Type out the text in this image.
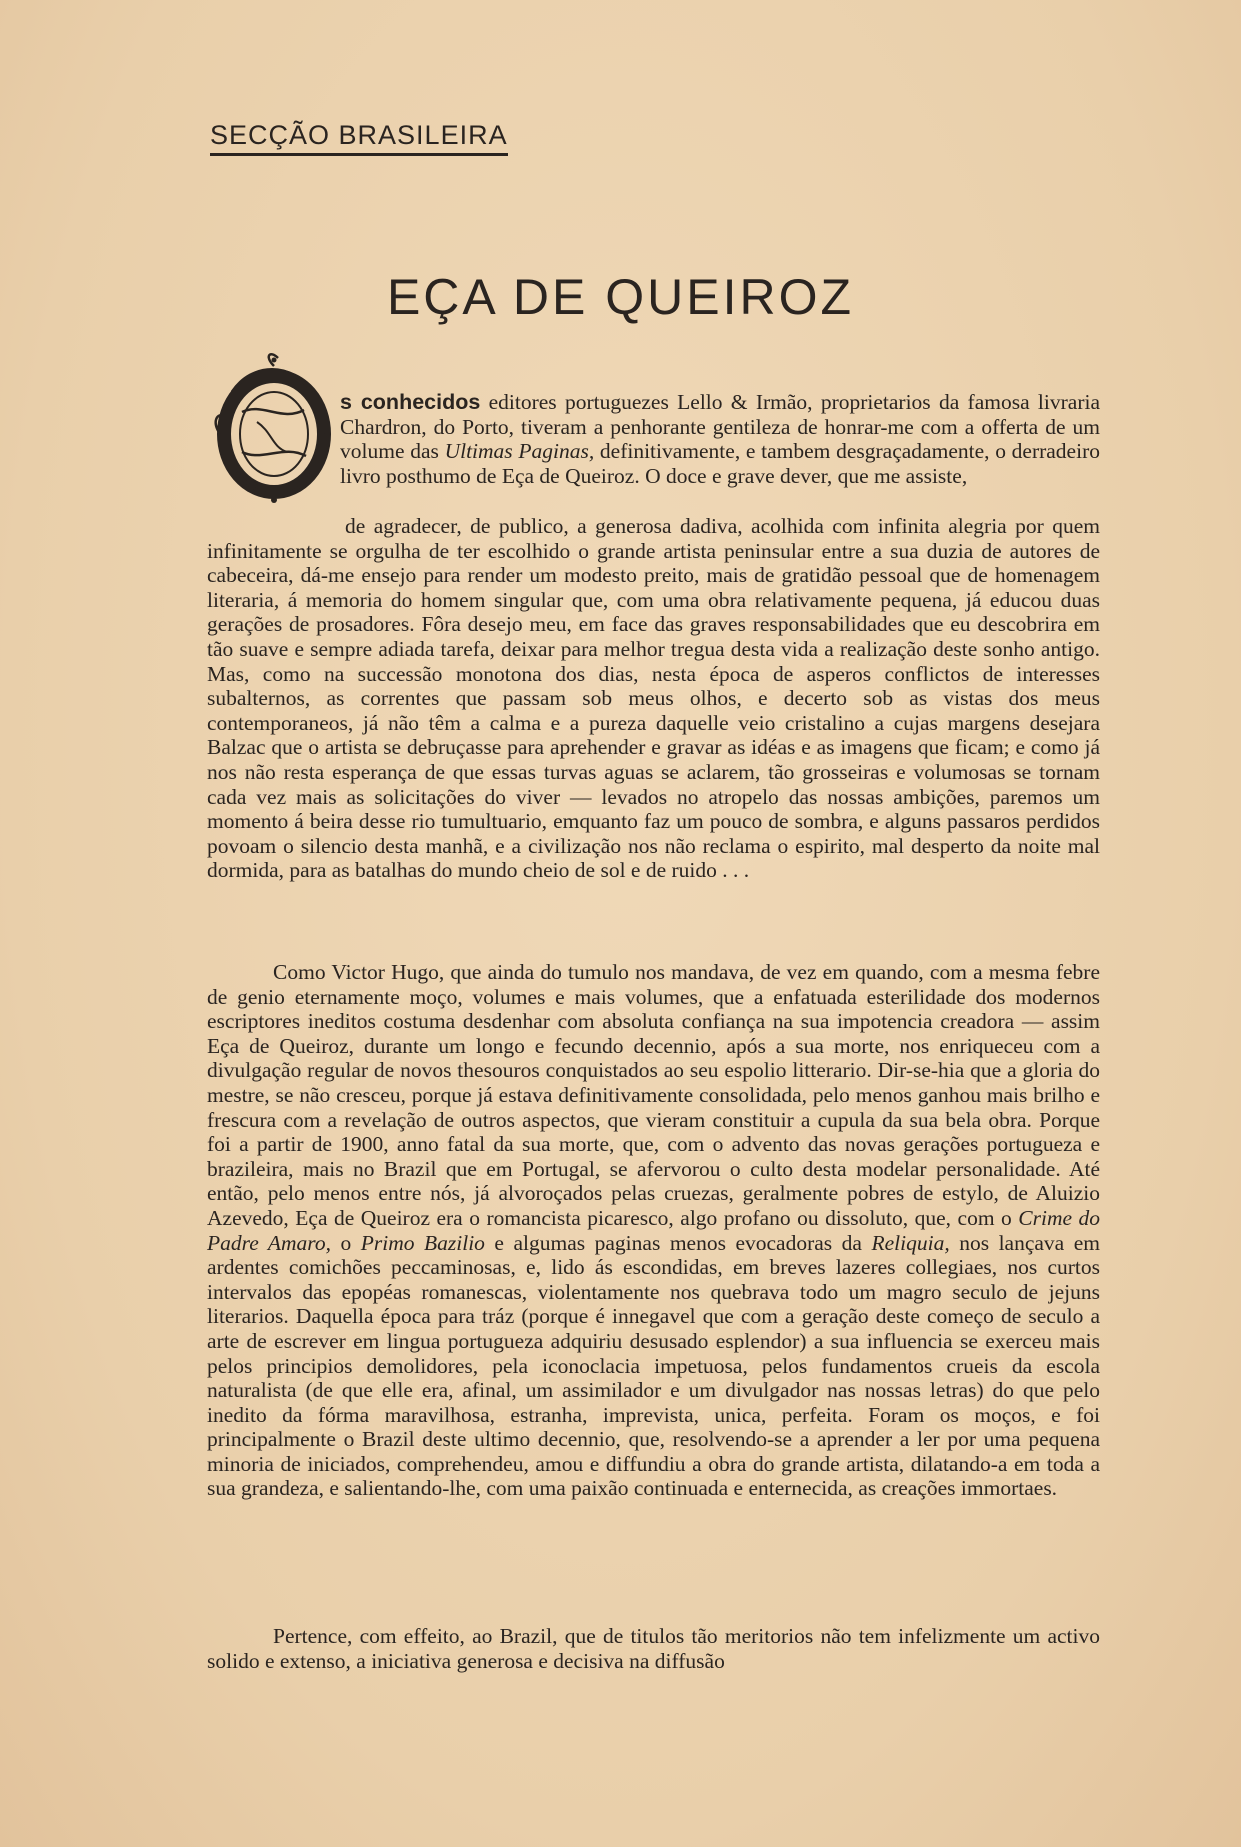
SECÇÃO BRASILEIRA
EÇA DE QUEIROZ

s conhecidos editores portuguezes Lello & Irmão, proprietarios da famosa livraria Chardron, do Porto, tiveram a penhorante gentileza de honrar-me com a offerta de um volume das Ultimas Paginas, definitivamente, e tambem desgraçadamente, o derradeiro livro posthumo de Eça de Queiroz. O doce e grave dever, que me assiste,

de agradecer, de publico, a generosa dadiva, acolhida com infinita alegria por quem infinitamente se orgulha de ter escolhido o grande artista peninsular entre a sua duzia de autores de cabeceira, dá-me ensejo para render um modesto preito, mais de gratidão pessoal que de homenagem literaria, á memoria do homem singular que, com uma obra relativamente pequena, já educou duas gerações de prosadores. Fôra desejo meu, em face das graves responsabilidades que eu descobrira em tão suave e sempre adiada tarefa, deixar para melhor tregua desta vida a realização deste sonho antigo. Mas, como na successão monotona dos dias, nesta época de asperos conflictos de interesses subalternos, as correntes que passam sob meus olhos, e decerto sob as vistas dos meus contemporaneos, já não têm a calma e a pureza daquelle veio cristalino a cujas margens desejara Balzac que o artista se debruçasse para aprehender e gravar as idéas e as imagens que ficam; e como já nos não resta esperança de que essas turvas aguas se aclarem, tão grosseiras e volumosas se tornam cada vez mais as solicitações do viver — levados no atropelo das nossas ambições, paremos um momento á beira desse rio tumultuario, emquanto faz um pouco de sombra, e alguns passaros perdidos povoam o silencio desta manhã, e a civilização nos não reclama o espirito, mal desperto da noite mal dormida, para as batalhas do mundo cheio de sol e de ruido . . .

Como Victor Hugo, que ainda do tumulo nos mandava, de vez em quando, com a mesma febre de genio eternamente moço, volumes e mais volumes, que a enfatuada esterilidade dos modernos escriptores ineditos costuma desdenhar com absoluta confiança na sua impotencia creadora — assim Eça de Queiroz, durante um longo e fecundo decennio, após a sua morte, nos enriqueceu com a divulgação regular de novos thesouros conquistados ao seu espolio litterario. Dir-se-hia que a gloria do mestre, se não cresceu, porque já estava definitivamente consolidada, pelo menos ganhou mais brilho e frescura com a revelação de outros aspectos, que vieram constituir a cupula da sua bela obra. Porque foi a partir de 1900, anno fatal da sua morte, que, com o advento das novas gerações portugueza e brazileira, mais no Brazil que em Portugal, se afervorou o culto desta modelar personalidade. Até então, pelo menos entre nós, já alvoroçados pelas cruezas, geralmente pobres de estylo, de Aluizio Azevedo, Eça de Queiroz era o romancista picaresco, algo profano ou dissoluto, que, com o Crime do Padre Amaro, o Primo Bazilio e algumas paginas menos evocadoras da Reliquia, nos lançava em ardentes comichões peccaminosas, e, lido ás escondidas, em breves lazeres collegiaes, nos curtos intervalos das epopéas romanescas, violentamente nos quebrava todo um magro seculo de jejuns literarios. Daquella época para tráz (porque é innegavel que com a geração deste começo de seculo a arte de escrever em lingua portugueza adquiriu desusado esplendor) a sua influencia se exerceu mais pelos principios demolidores, pela iconoclacia impetuosa, pelos fundamentos crueis da escola naturalista (de que elle era, afinal, um assimilador e um divulgador nas nossas letras) do que pelo inedito da fórma maravilhosa, estranha, imprevista, unica, perfeita. Foram os moços, e foi principalmente o Brazil deste ultimo decennio, que, resolvendo-se a aprender a ler por uma pequena minoria de iniciados, comprehendeu, amou e diffundiu a obra do grande artista, dilatando-a em toda a sua grandeza, e salientando-lhe, com uma paixão continuada e enternecida, as creações immortaes.

Pertence, com effeito, ao Brazil, que de titulos tão meritorios não tem infelizmente um activo solido e extenso, a iniciativa generosa e decisiva na diffusão
